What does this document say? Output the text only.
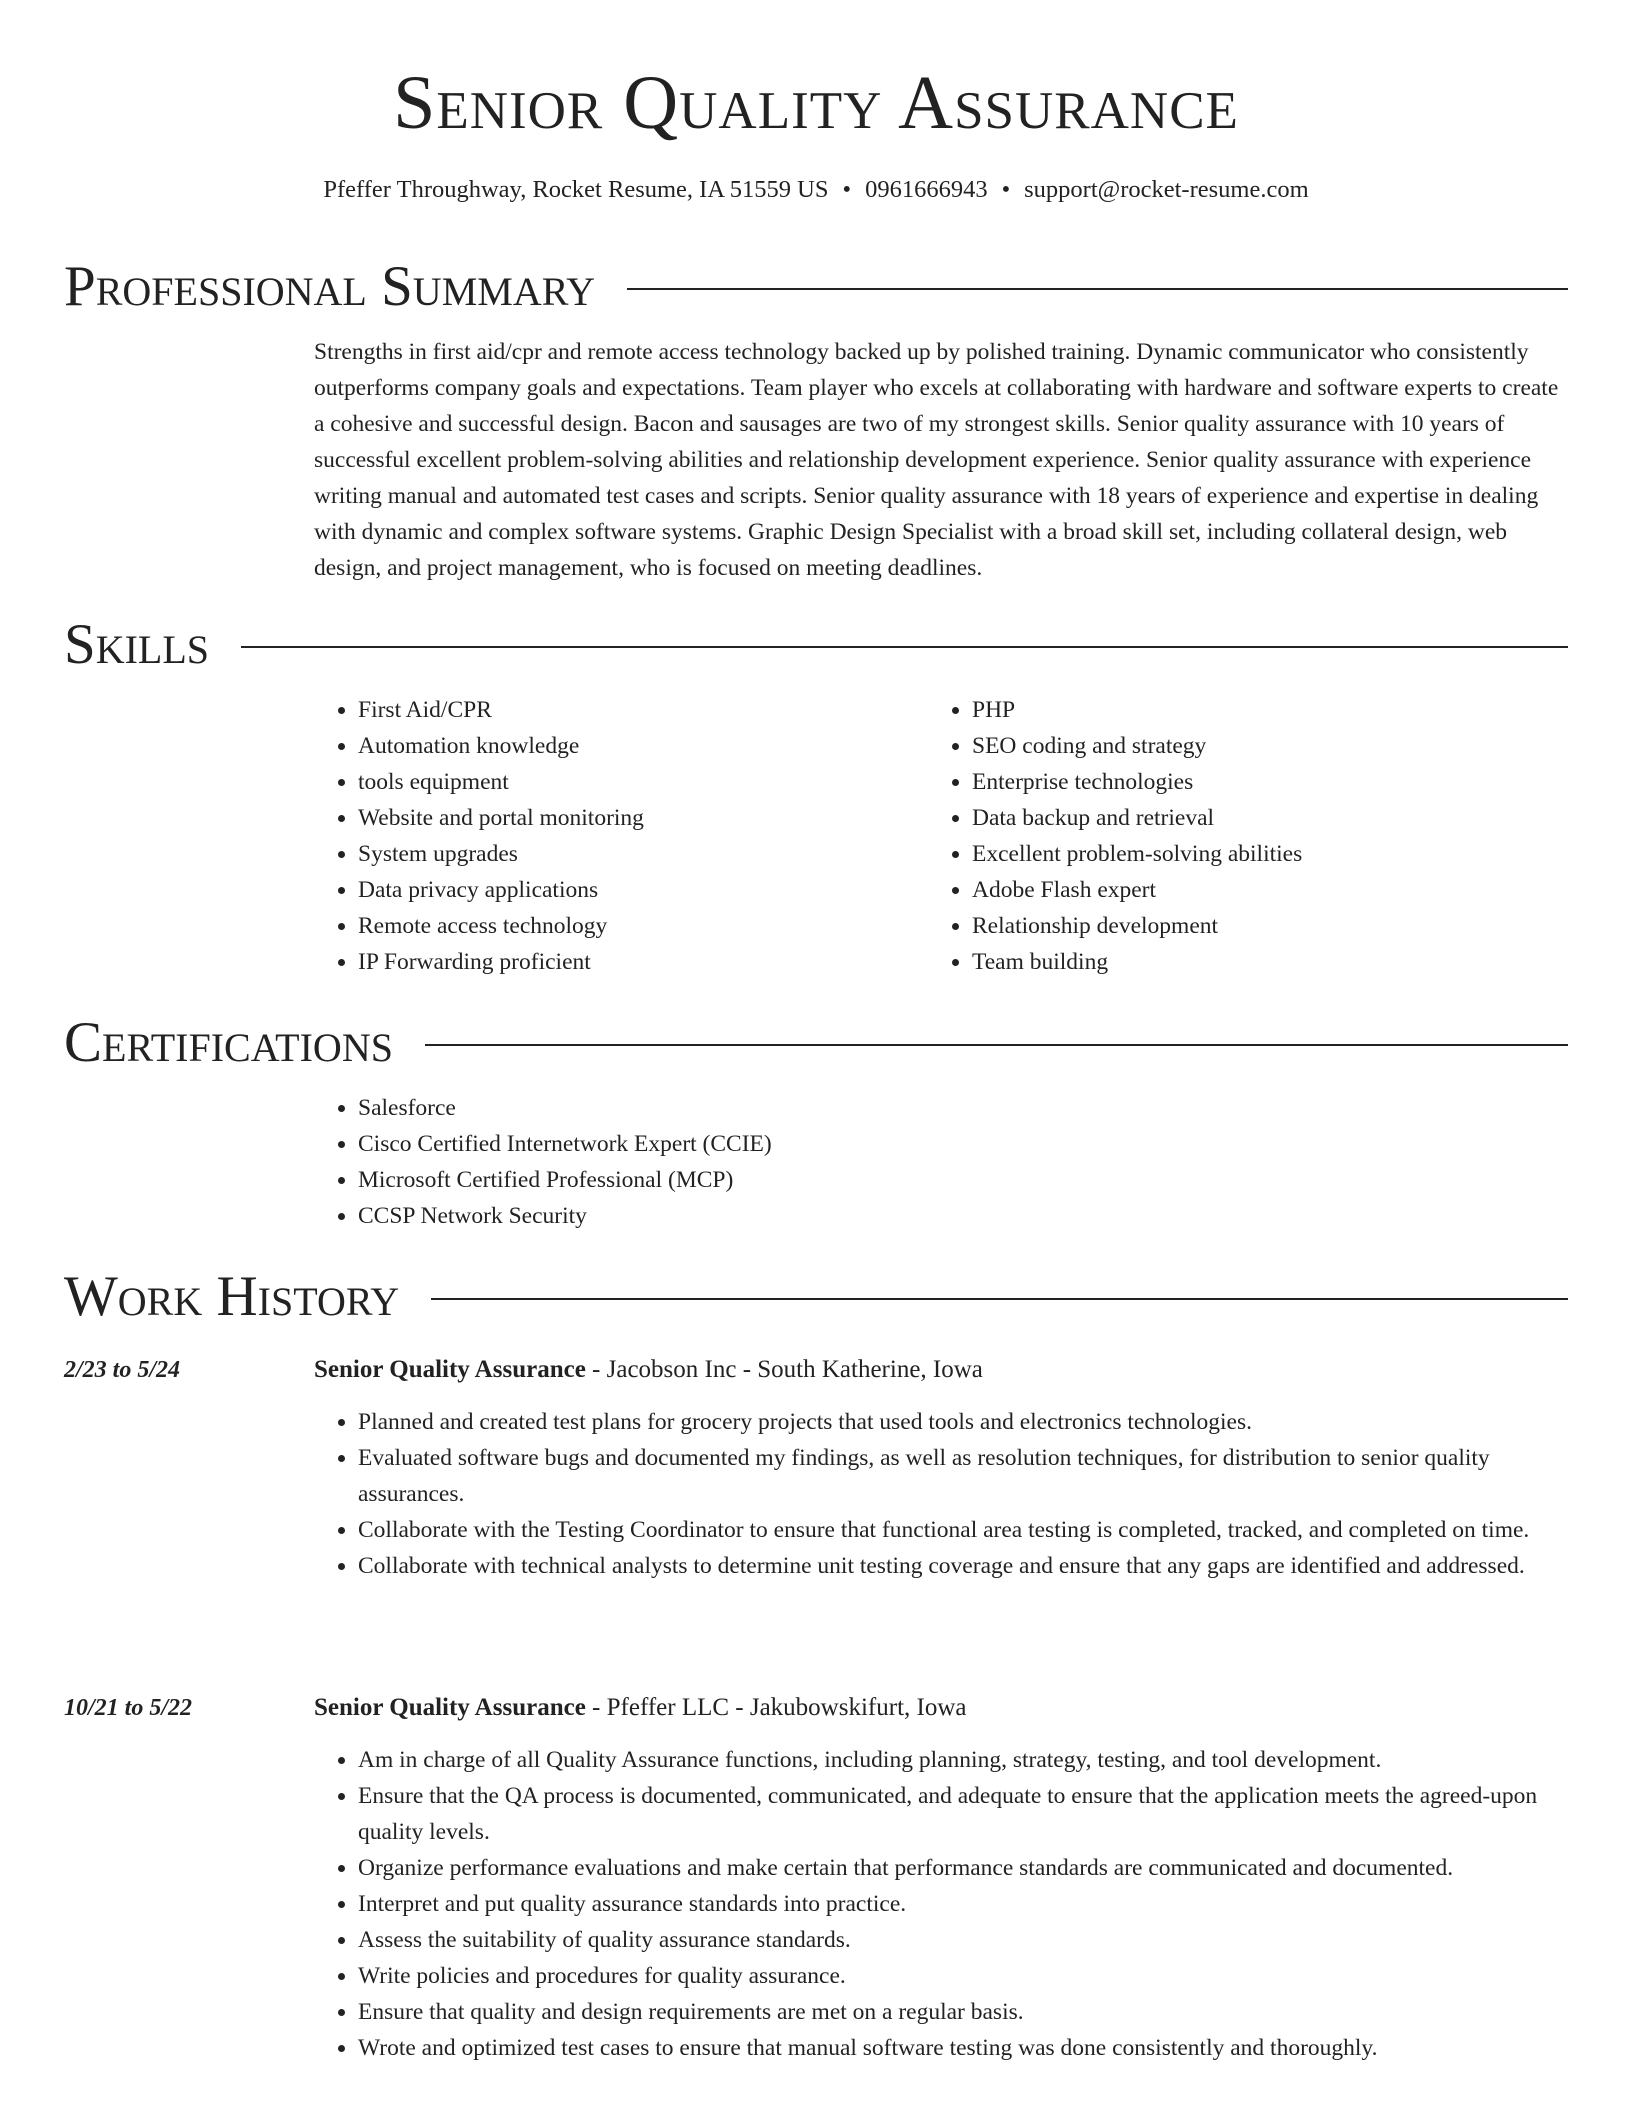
Senior Quality Assurance
Pfeffer Throughway, Rocket Resume, IA 51559 US • 0961666943 • support@rocket-resume.com
Professional Summary

Strengths in first aid/cpr and remote access technology backed up by polished training. Dynamic communicator who consistently outperforms company goals and expectations. Team player who excels at collaborating with hardware and software experts to create a cohesive and successful design. Bacon and sausages are two of my strongest skills. Senior quality assurance with 10 years of successful excellent problem-solving abilities and relationship development experience. Senior quality assurance with experience writing manual and automated test cases and scripts. Senior quality assurance with 18 years of experience and expertise in dealing with dynamic and complex software systems. Graphic Design Specialist with a broad skill set, including collateral design, web design, and project management, who is focused on meeting deadlines.

Skills
• First Aid/CPR
• Automation knowledge
• tools equipment
• Website and portal monitoring
• System upgrades
• Data privacy applications
• Remote access technology
• IP Forwarding proficient
• PHP
• SEO coding and strategy
• Enterprise technologies
• Data backup and retrieval
• Excellent problem-solving abilities
• Adobe Flash expert
• Relationship development
• Team building
Certifications
• Salesforce
• Cisco Certified Internetwork Expert (CCIE)
• Microsoft Certified Professional (MCP)
• CCSP Network Security
Work History
2/23 to 5/24	Senior Quality Assurance - Jacobson Inc - South Katherine, Iowa
• Planned and created test plans for grocery projects that used tools and electronics technologies.
• Evaluated software bugs and documented my findings, as well as resolution techniques, for distribution to senior quality assurances.
• Collaborate with the Testing Coordinator to ensure that functional area testing is completed, tracked, and completed on time.
• Collaborate with technical analysts to determine unit testing coverage and ensure that any gaps are identified and addressed.
10/21 to 5/22	Senior Quality Assurance - Pfeffer LLC - Jakubowskifurt, Iowa
• Am in charge of all Quality Assurance functions, including planning, strategy, testing, and tool development.
• Ensure that the QA process is documented, communicated, and adequate to ensure that the application meets the agreed-upon quality levels.
• Organize performance evaluations and make certain that performance standards are communicated and documented.
• Interpret and put quality assurance standards into practice.
• Assess the suitability of quality assurance standards.
• Write policies and procedures for quality assurance.
• Ensure that quality and design requirements are met on a regular basis.
• Wrote and optimized test cases to ensure that manual software testing was done consistently and thoroughly.
